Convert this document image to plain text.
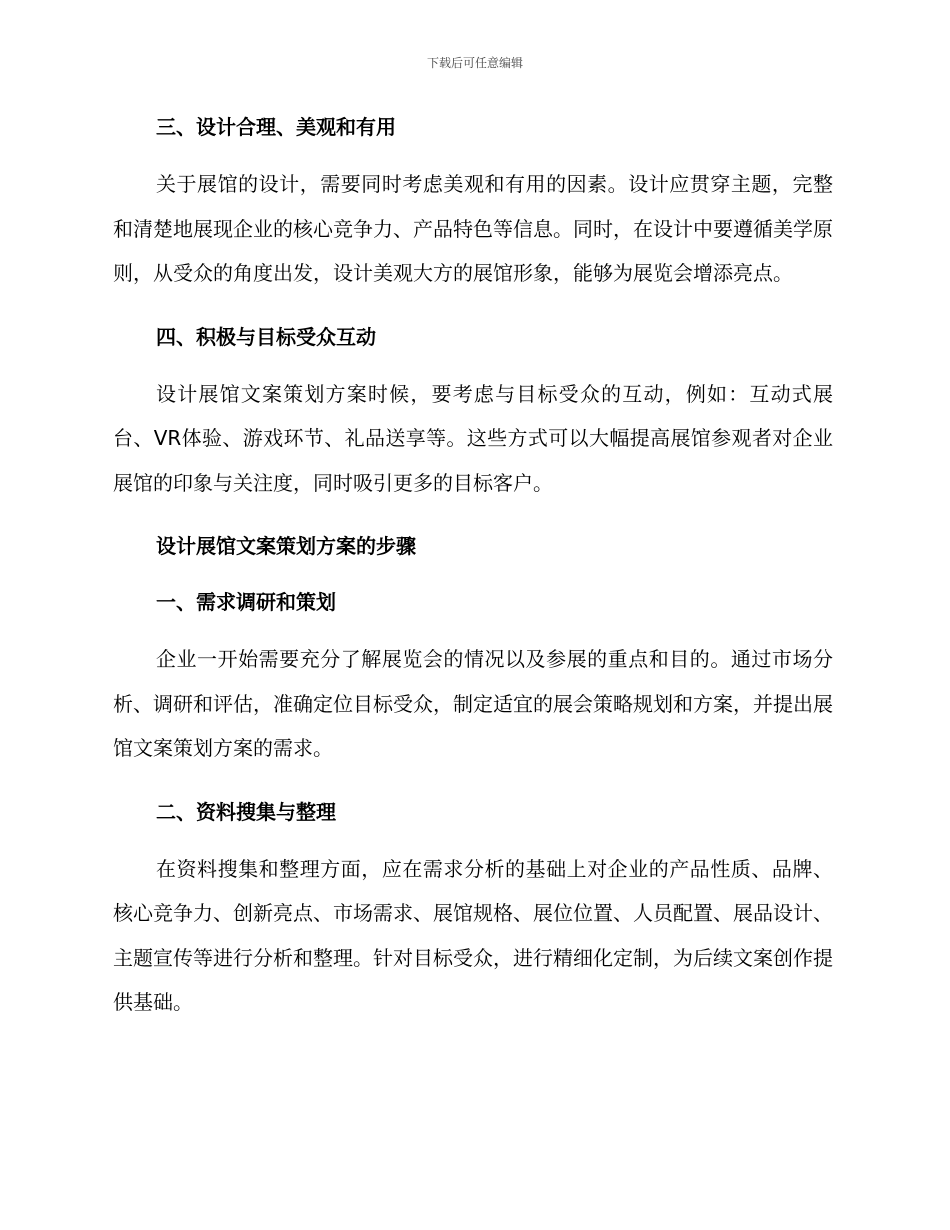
下载后可任意编辑
三、设计合理、美观和有用

关于展馆的设计，需要同时考虑美观和有用的因素。设计应贯穿主题，完整和清楚地展现企业的核心竞争力、产品特色等信息。同时，在设计中要遵循美学原则，从受众的角度出发，设计美观大方的展馆形象，能够为展览会增添亮点。

四、积极与目标受众互动

设计展馆文案策划方案时候，要考虑与目标受众的互动，例如：互动式展台、VR体验、游戏环节、礼品送享等。这些方式可以大幅提高展馆参观者对企业展馆的印象与关注度，同时吸引更多的目标客户。

设计展馆文案策划方案的步骤
一、需求调研和策划

企业一开始需要充分了解展览会的情况以及参展的重点和目的。通过市场分析、调研和评估，准确定位目标受众，制定适宜的展会策略规划和方案，并提出展馆文案策划方案的需求。

二、资料搜集与整理

在资料搜集和整理方面，应在需求分析的基础上对企业的产品性质、品牌、核心竞争力、创新亮点、市场需求、展馆规格、展位位置、人员配置、展品设计、主题宣传等进行分析和整理。针对目标受众，进行精细化定制，为后续文案创作提供基础。
